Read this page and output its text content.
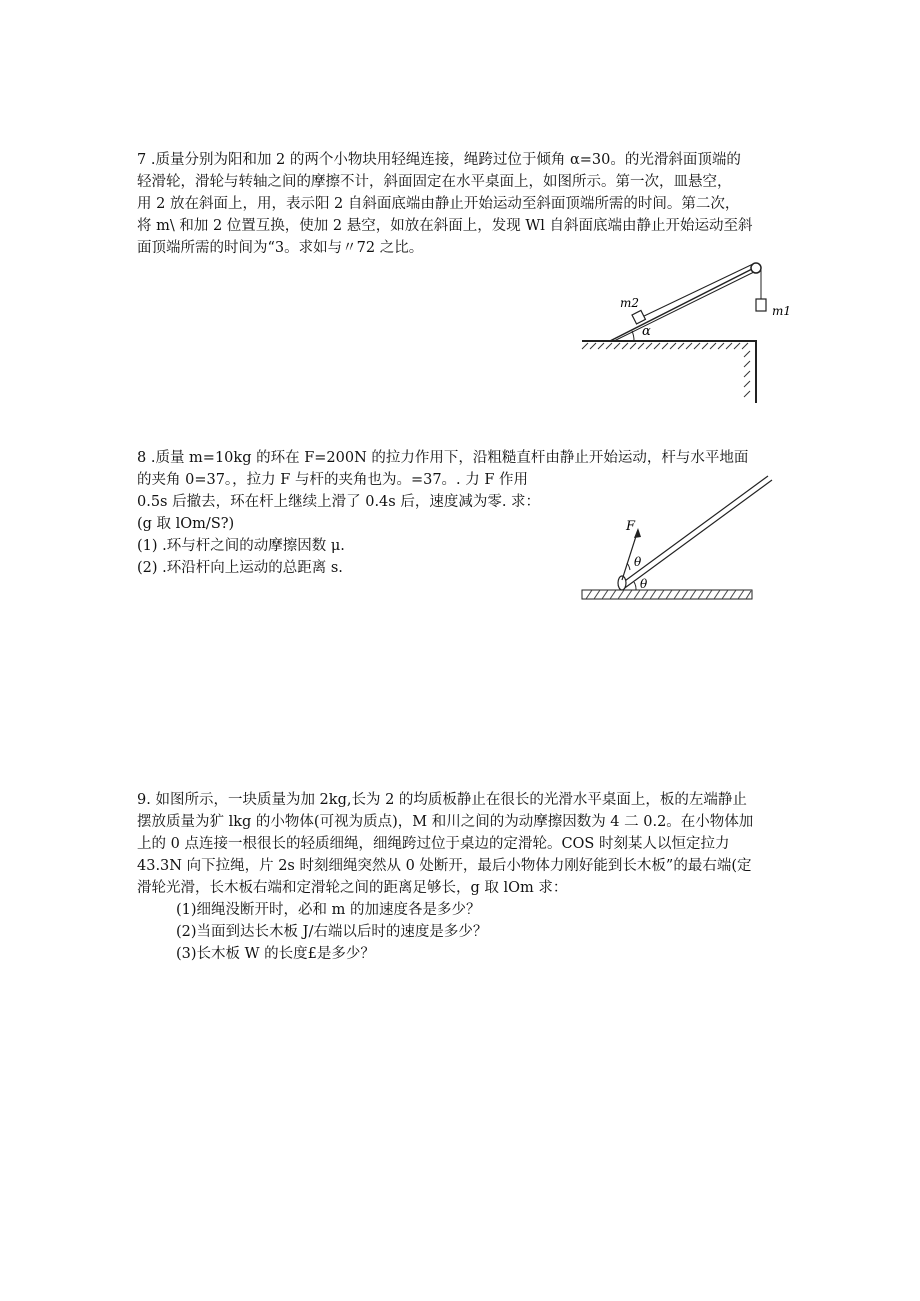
7 .质量分别为阳和加 2 的两个小物块用轻绳连接，绳跨过位于倾角 α=30。的光滑斜面顶端的
轻滑轮，滑轮与转轴之间的摩擦不计，斜面固定在水平桌面上，如图所示。第一次，皿悬空，
用 2 放在斜面上，用，表示阳 2 自斜面底端由静止开始运动至斜面顶端所需的时间。第二次，
将 m\ 和加 2 位置互换，使加 2 悬空，如放在斜面上，发现 Wl 自斜面底端由静止开始运动至斜
面顶端所需的时间为“3。求如与〃72 之比。
m2
m1
α
8 .质量 m=10kg 的环在 F=200N 的拉力作用下，沿粗糙直杆由静止开始运动，杆与水平地面
的夹角 0=37。，拉力 F 与杆的夹角也为。=37。. 力 F 作用
0.5s 后撤去，环在杆上继续上滑了 0.4s 后，速度减为零. 求：
(g 取 lOm/S?)
(1) .环与杆之间的动摩擦因数 μ.
(2) .环沿杆向上运动的总距离 s.
F
θ
θ
9. 如图所示，一块质量为加 2kg,长为 2 的均质板静止在很长的光滑水平桌面上，板的左端静止
摆放质量为犷 lkg 的小物体(可视为质点)，M 和川之间的为动摩擦因数为 4 二 0.2。在小物体加
上的 0 点连接一根很长的轻质细绳，细绳跨过位于桌边的定滑轮。COS 时刻某人以恒定拉力
43.3N 向下拉绳，片 2s 时刻细绳突然从 0 处断开，最后小物体力刚好能到长木板”的最右端(定
滑轮光滑，长木板右端和定滑轮之间的距离足够长，g 取 lOm 求：
(1)细绳没断开时，必和 m 的加速度各是多少？
(2)当面到达长木板 J/右端以后时的速度是多少？
(3)长木板 W 的长度£是多少？
